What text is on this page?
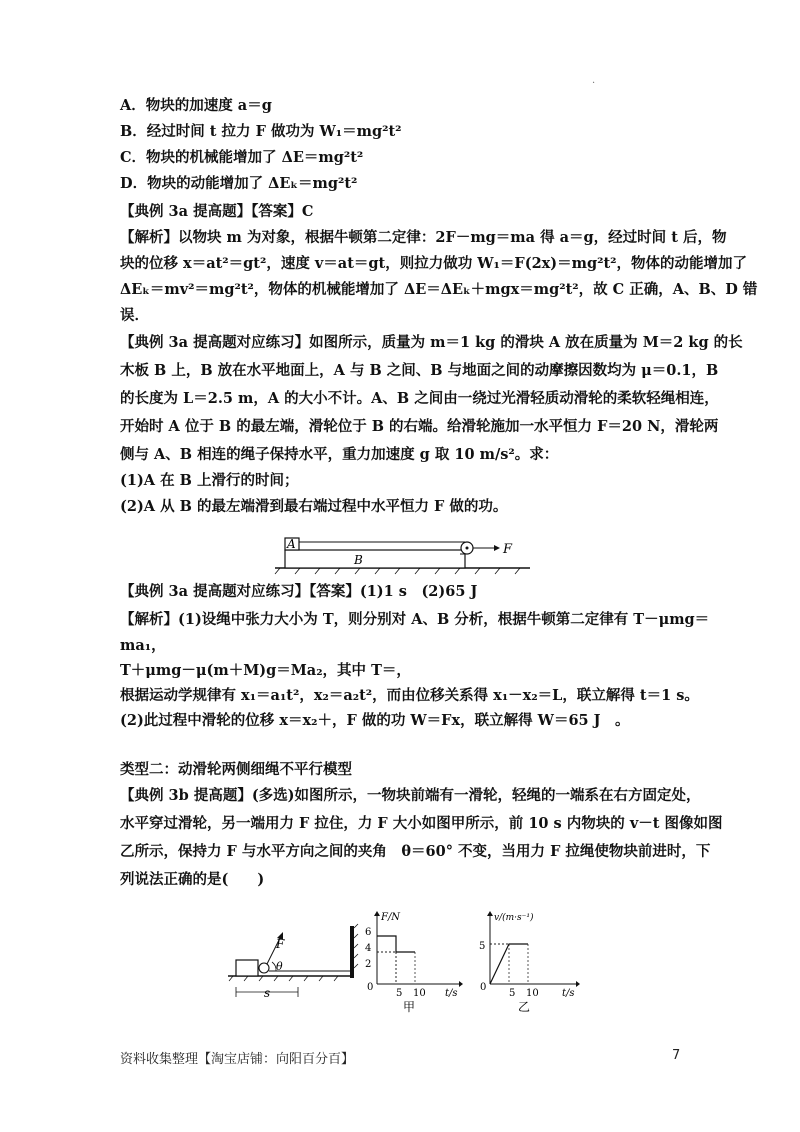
·
A．物块的加速度 a＝g
B．经过时间 t 拉力 F 做功为 W₁＝mg²t²
C．物块的机械能增加了 ΔE＝mg²t²
D．物块的动能增加了 ΔEₖ＝mg²t²
【典例 3a 提高题】【答案】C
【解析】以物块 m 为对象，根据牛顿第二定律：2F－mg＝ma 得 a＝g，经过时间 t 后，物
块的位移 x＝at²＝gt²，速度 v＝at＝gt，则拉力做功 W₁＝F(2x)＝mg²t²，物体的动能增加了
ΔEₖ＝mv²＝mg²t²，物体的机械能增加了 ΔE＝ΔEₖ＋mgx＝mg²t²，故 C 正确，A、B、D 错
误．
【典例 3a 提高题对应练习】如图所示，质量为 m＝1 kg 的滑块 A 放在质量为 M＝2 kg 的长
木板 B 上，B 放在水平地面上，A 与 B 之间、B 与地面之间的动摩擦因数均为 μ＝0.1，B
的长度为 L＝2.5 m，A 的大小不计。A、B 之间由一绕过光滑轻质动滑轮的柔软轻绳相连，
开始时 A 位于 B 的最左端，滑轮位于 B 的右端。给滑轮施加一水平恒力 F＝20 N，滑轮两
侧与 A、B 相连的绳子保持水平，重力加速度 g 取 10 m/s²。求：
(1)A 在 B 上滑行的时间；
(2)A 从 B 的最左端滑到最右端过程中水平恒力 F 做的功。
A
B
F
【典例 3a 提高题对应练习】【答案】(1)1 s　(2)65 J
【解析】(1)设绳中张力大小为 T，则分别对 A、B 分析，根据牛顿第二定律有 T－μmg＝
ma₁，
T＋μmg－μ(m＋M)g＝Ma₂，其中 T＝，
根据运动学规律有 x₁＝a₁t²，x₂＝a₂t²，而由位移关系得 x₁－x₂＝L，联立解得 t＝1 s。
(2)此过程中滑轮的位移 x＝x₂＋，F 做的功 W＝Fx，联立解得 W＝65 J　。
类型二：动滑轮两侧细绳不平行模型
【典例 3b 提高题】(多选)如图所示，一物块前端有一滑轮，轻绳的一端系在右方固定处，
水平穿过滑轮，另一端用力 F 拉住，力 F 大小如图甲所示，前 10 s 内物块的 v－t 图像如图
乙所示，保持力 F 与水平方向之间的夹角　θ＝60° 不变，当用力 F 拉绳使物块前进时，下
列说法正确的是(　　)
F
θ
s
F/N
6
4
2
0
5 10 t/s
甲
v/(m·s⁻¹)
5
0
5 10 t/s
乙
资料收集整理【淘宝店铺：向阳百分百】	7
